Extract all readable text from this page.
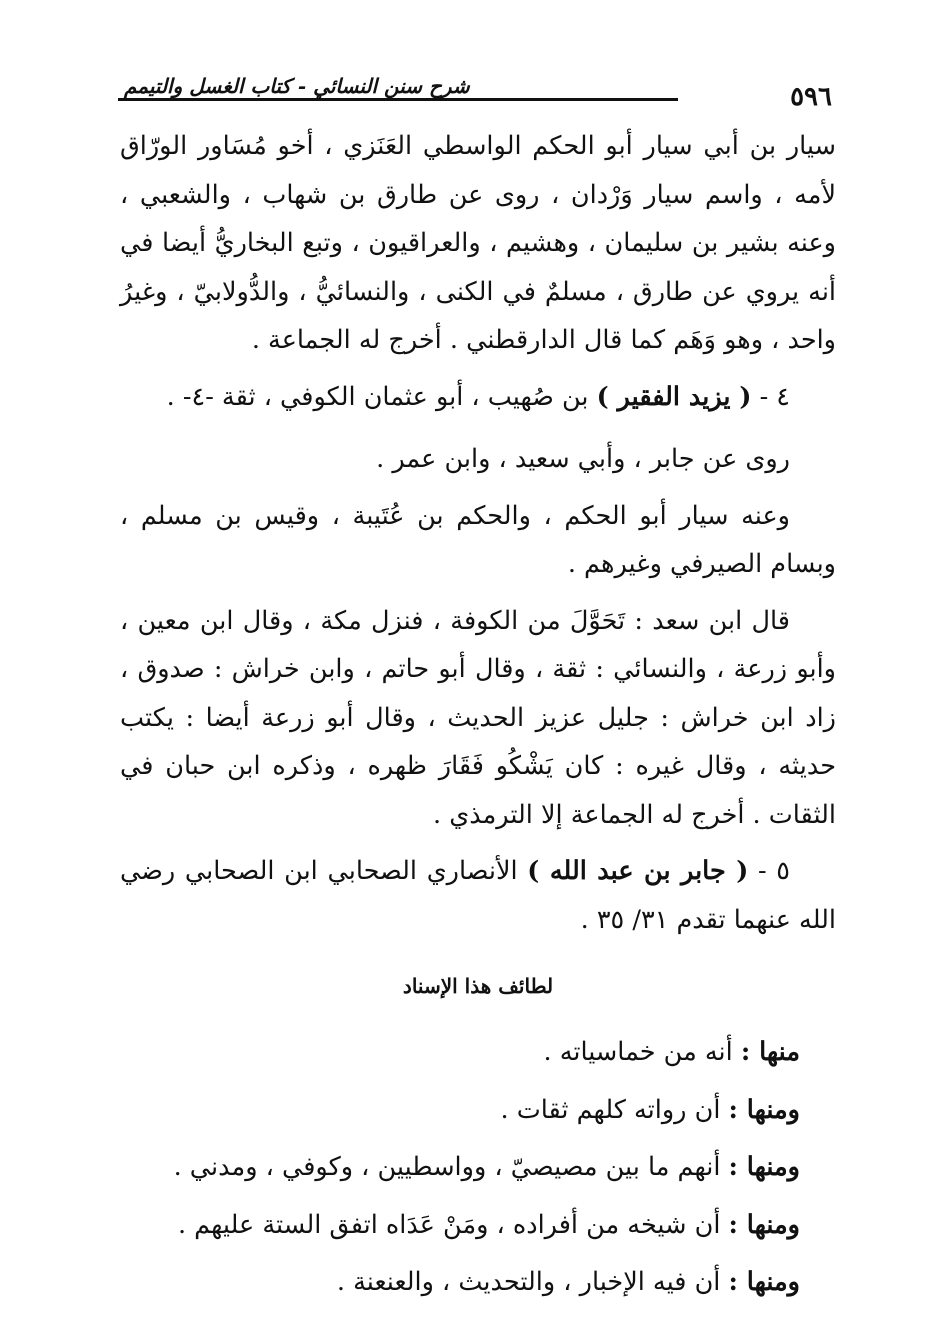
٥٩٦
شرح سنن النسائي - كتاب الغسل والتيمم

سيار بن أبي سيار أبو الحكم الواسطي العَنَزي ، أخو مُسَاور الورّاق لأمه ، واسم سيار وَرْدان ، روى عن طارق بن شهاب ، والشعبي ، وعنه بشير بن سليمان ، وهشيم ، والعراقيون ، وتبع البخاريُّ أيضا في أنه يروي عن طارق ، مسلمٌ في الكنى ، والنسائيُّ ، والدُّولابيّ ، وغيرُ واحد ، وهو وَهَم كما قال الدارقطني . أخرج له الجماعة .

٤ - ( يزيد الفقير ) بن صُهيب ، أبو عثمان الكوفي ، ثقة -٤- .

روى عن جابر ، وأبي سعيد ، وابن عمر .

وعنه سيار أبو الحكم ، والحكم بن عُتَيبة ، وقيس بن مسلم ، وبسام الصيرفي وغيرهم .

قال ابن سعد : تَحَوَّلَ من الكوفة ، فنزل مكة ، وقال ابن معين ، وأبو زرعة ، والنسائي : ثقة ، وقال أبو حاتم ، وابن خراش : صدوق ، زاد ابن خراش : جليل عزيز الحديث ، وقال أبو زرعة أيضا : يكتب حديثه ، وقال غيره : كان يَشْكُو فَقَارَ ظهره ، وذكره ابن حبان في الثقات . أخرج له الجماعة إلا الترمذي .

٥ - ( جابر بن عبد الله ) الأنصاري الصحابي ابن الصحابي رضي الله عنهما تقدم ٣١/ ٣٥ .

لطائف هذا الإسناد
منها : أنه من خماسياته .
ومنها : أن رواته كلهم ثقات .
ومنها : أنهم ما بين مصيصيّ ، وواسطيين ، وكوفي ، ومدني .
ومنها : أن شيخه من أفراده ، ومَنْ عَدَاه اتفق الستة عليهم .
ومنها : أن فيه الإخبار ، والتحديث ، والعنعنة .
